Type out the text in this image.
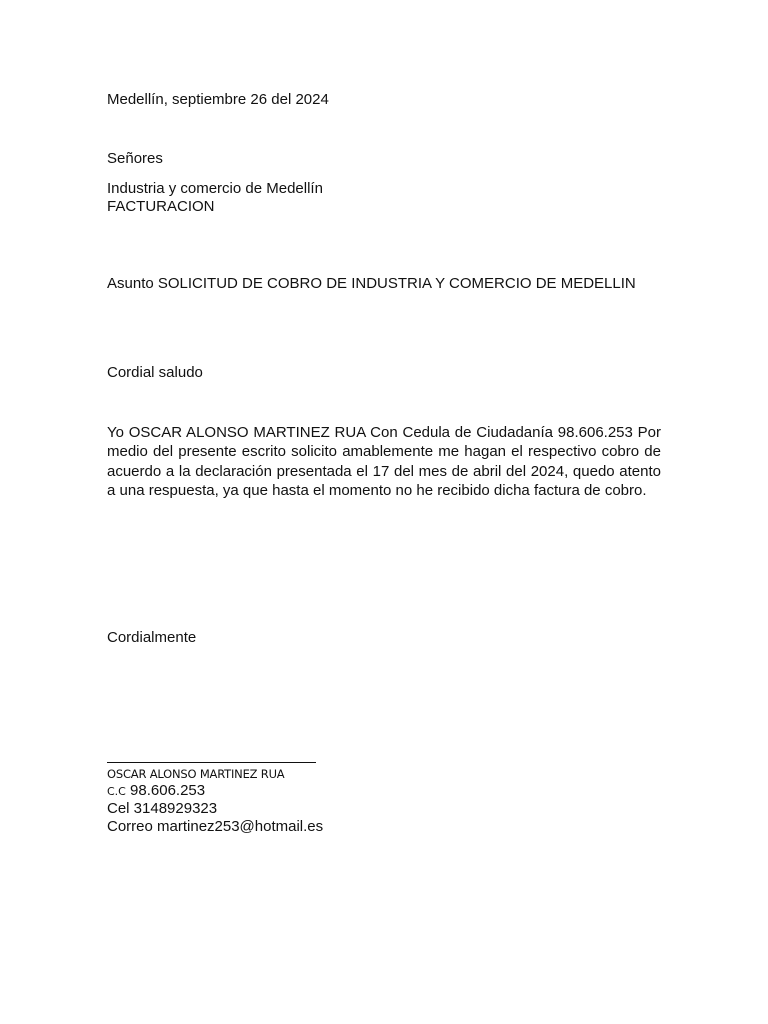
Medellín, septiembre 26 del 2024
Señores
Industria y comercio de Medellín
FACTURACION
Asunto SOLICITUD DE COBRO DE INDUSTRIA Y COMERCIO DE MEDELLIN
Cordial saludo
Yo OSCAR ALONSO MARTINEZ RUA Con Cedula de Ciudadanía 98.606.253 Por medio del presente escrito solicito amablemente me hagan el respectivo cobro de acuerdo a la declaración presentada el 17 del mes de abril del 2024, quedo atento a una respuesta, ya que hasta el momento no he recibido dicha factura de cobro.
Cordialmente
OSCAR ALONSO MARTINEZ RUA
C.C 98.606.253
Cel 3148929323
Correo martinez253@hotmail.es
